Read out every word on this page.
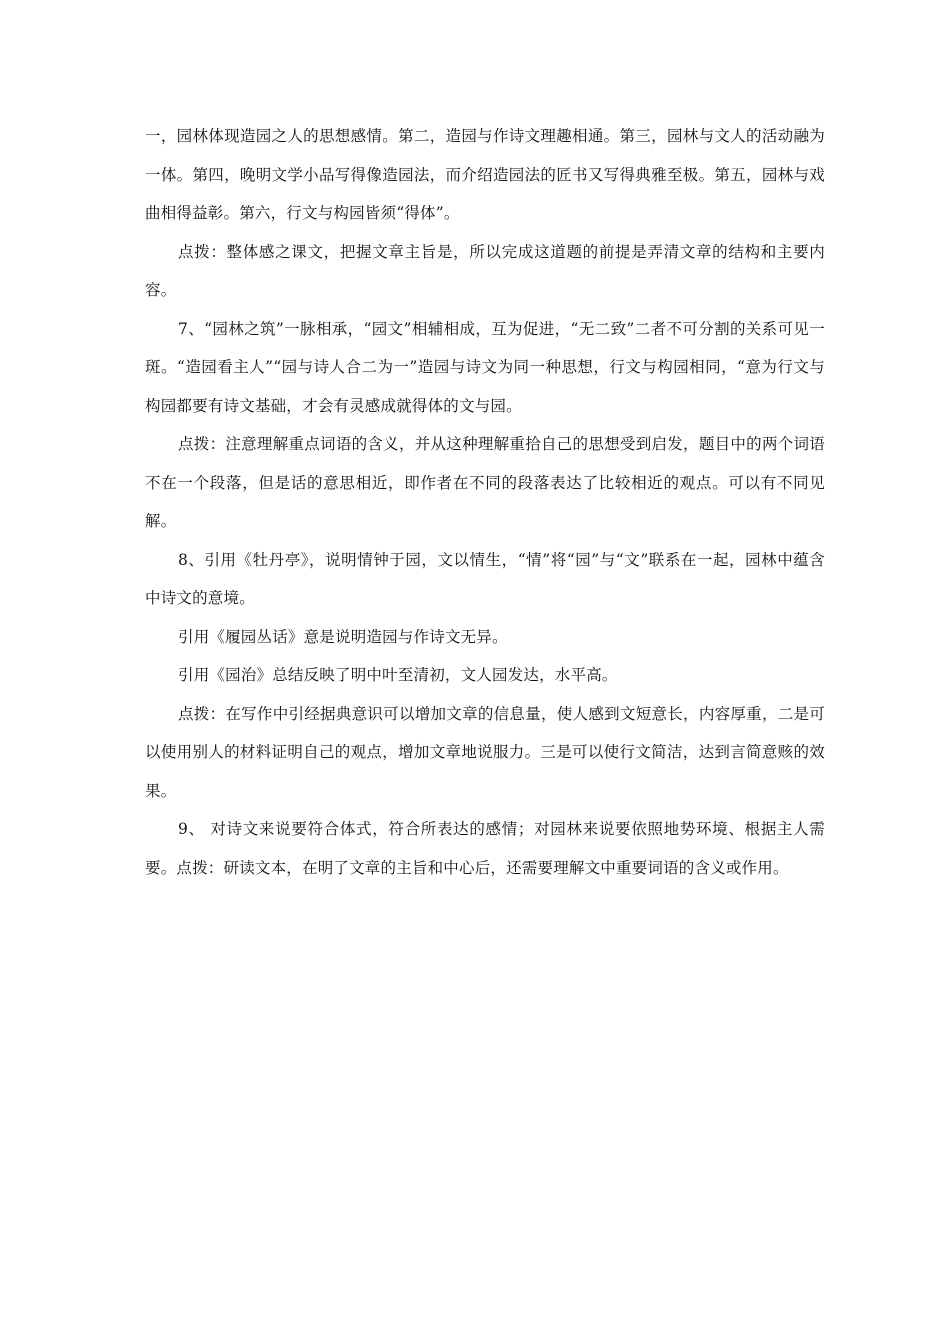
一，园林体现造园之人的思想感情。第二，造园与作诗文理趣相通。第三，园林与文人的活动融为一体。第四，晚明文学小品写得像造园法，而介绍造园法的匠书又写得典雅至极。第五，园林与戏曲相得益彰。第六，行文与构园皆须“得体”。

点拨：整体感之课文，把握文章主旨是，所以完成这道题的前提是弄清文章的结构和主要内容。

7、“园林之筑”一脉相承，“园文”相辅相成，互为促进，“无二致”二者不可分割的关系可见一斑。“造园看主人”“园与诗人合二为一”造园与诗文为同一种思想，行文与构园相同，“意为行文与构园都要有诗文基础，才会有灵感成就得体的文与园。

点拨：注意理解重点词语的含义，并从这种理解重拾自己的思想受到启发，题目中的两个词语不在一个段落，但是话的意思相近，即作者在不同的段落表达了比较相近的观点。可以有不同见解。

8、引用《牡丹亭》，说明情钟于园，文以情生，“情”将“园”与“文”联系在一起，园林中蕴含中诗文的意境。

引用《履园丛话》意是说明造园与作诗文无异。

引用《园治》总结反映了明中叶至清初，文人园发达，水平高。

点拨：在写作中引经据典意识可以增加文章的信息量，使人感到文短意长，内容厚重，二是可以使用别人的材料证明自己的观点，增加文章地说服力。三是可以使行文简洁，达到言简意赅的效果。

9、 对诗文来说要符合体式，符合所表达的感情；对园林来说要依照地势环境、根据主人需要。点拨：研读文本，在明了文章的主旨和中心后，还需要理解文中重要词语的含义或作用。
